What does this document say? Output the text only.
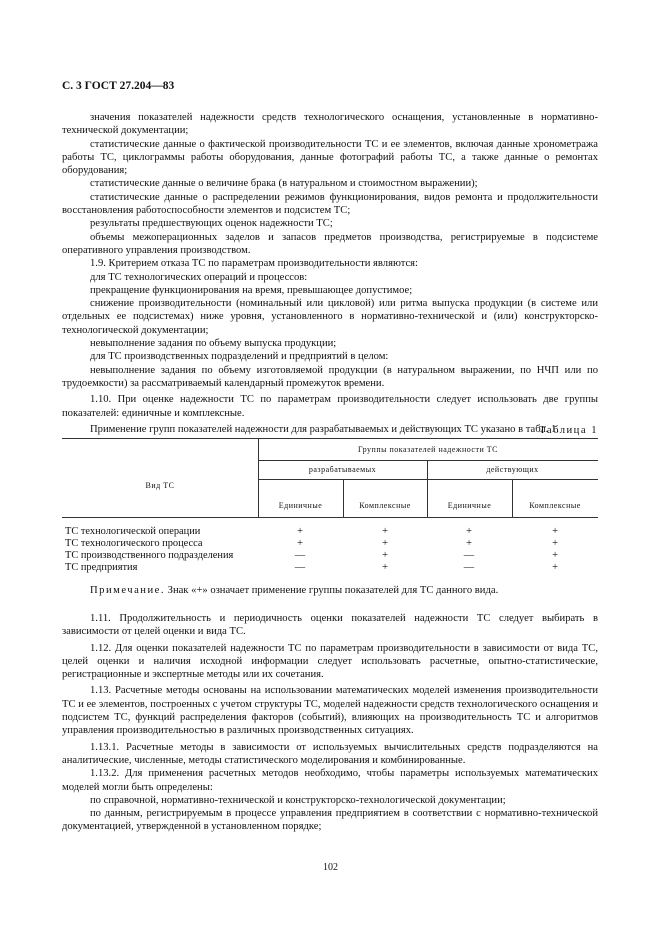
С. 3 ГОСТ 27.204—83

значения показателей надежности средств технологического оснащения, установленные в нормативно-технической документации;

статистические данные о фактической производительности ТС и ее элементов, включая данные хронометража работы ТС, циклограммы работы оборудования, данные фотографий работы ТС, а также данные о ремонтах оборудования;

статистические данные о величине брака (в натуральном и стоимостном выражении);

статистические данные о распределении режимов функционирования, видов ремонта и продолжительности восстановления работоспособности элементов и подсистем ТС;

результаты предшествующих оценок надежности ТС;

объемы межоперационных заделов и запасов предметов производства, регистрируемые в подсистеме оперативного управления производством.

1.9. Критерием отказа ТС по параметрам производительности являются:

для ТС технологических операций и процессов:

прекращение функционирования на время, превышающее допустимое;

снижение производительности (номинальный или цикловой) или ритма выпуска продукции (в системе или отдельных ее подсистемах) ниже уровня, установленного в нормативно-технической и (или) конструкторско-технологической документации;

невыполнение задания по объему выпуска продукции;

для ТС производственных подразделений и предприятий в целом:

невыполнение задания по объему изготовляемой продукции (в натуральном выражении, по НЧП или по трудоемкости) за рассматриваемый календарный промежуток времени.

1.10. При оценке надежности ТС по параметрам производительности следует использовать две группы показателей: единичные и комплексные.

Применение групп показателей надежности для разрабатываемых и действующих ТС указано в табл. 1.

Таблица 1
Вид ТС
Группы показателей надежности ТС
разрабатываемых	действующих
Единичные	Комплексные	Единичные	Комплексные
ТС технологической операции	+	+	+	+
ТС технологического процесса	+	+	+	+
ТС производственного подразделения	—	+	—	+
ТС предприятия	—	+	—	+
Примечание. Знак «+» означает применение группы показателей для ТС данного вида.

1.11. Продолжительность и периодичность оценки показателей надежности ТС следует выбирать в зависимости от целей оценки и вида ТС.

1.12. Для оценки показателей надежности ТС по параметрам производительности в зависимости от вида ТС, целей оценки и наличия исходной информации следует использовать расчетные, опытно-статистические, регистрационные и экспертные методы или их сочетания.

1.13. Расчетные методы основаны на использовании математических моделей изменения производительности ТС и ее элементов, построенных с учетом структуры ТС, моделей надежности средств технологического оснащения и подсистем ТС, функций распределения факторов (событий), влияющих на производительность ТС и алгоритмов управления производительностью в различных производственных ситуациях.

1.13.1. Расчетные методы в зависимости от используемых вычислительных средств подразделяются на аналитические, численные, методы статистического моделирования и комбинированные.

1.13.2. Для применения расчетных методов необходимо, чтобы параметры используемых математических моделей могли быть определены:

по справочной, нормативно-технической и конструкторско-технологической документации;

по данным, регистрируемым в процессе управления предприятием в соответствии с нормативно-технической документацией, утвержденной в установленном порядке;

102
